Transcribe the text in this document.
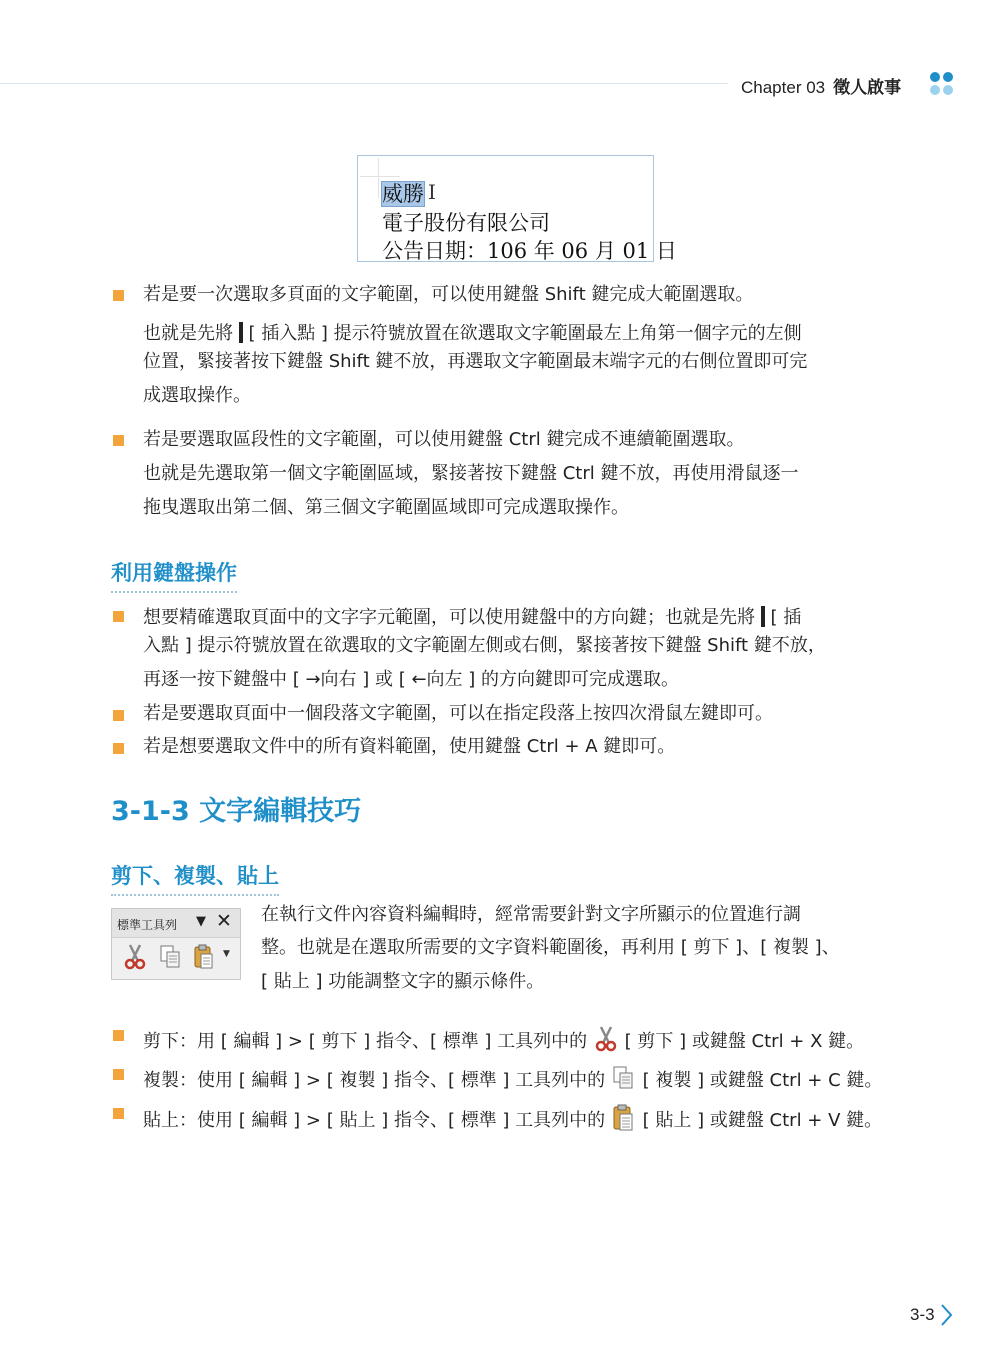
Chapter 03 徵人啟事
威勝 I
電子股份有限公司
公告日期：106 年 06 月 01 日
若是要一次選取多頁面的文字範圍，可以使用鍵盤 Shift 鍵完成大範圍選取。
也就是先將 [ 插入點 ] 提示符號放置在欲選取文字範圍最左上角第一個字元的左側
位置，緊接著按下鍵盤 Shift 鍵不放，再選取文字範圍最末端字元的右側位置即可完
成選取操作。
若是要選取區段性的文字範圍，可以使用鍵盤 Ctrl 鍵完成不連續範圍選取。
也就是先選取第一個文字範圍區域，緊接著按下鍵盤 Ctrl 鍵不放，再使用滑鼠逐一
拖曳選取出第二個、第三個文字範圍區域即可完成選取操作。
利用鍵盤操作
想要精確選取頁面中的文字字元範圍，可以使用鍵盤中的方向鍵；也就是先將 [ 插
入點 ] 提示符號放置在欲選取的文字範圍左側或右側，緊接著按下鍵盤 Shift 鍵不放，
再逐一按下鍵盤中 [ →向右 ] 或 [ ←向左 ] 的方向鍵即可完成選取。
若是要選取頁面中一個段落文字範圍，可以在指定段落上按四次滑鼠左鍵即可。
若是想要選取文件中的所有資料範圍，使用鍵盤 Ctrl + A 鍵即可。
3-1-3 文字編輯技巧
剪下、複製、貼上
標準工具列 ▼ ✕
▼
在執行文件內容資料編輯時，經常需要針對文字所顯示的位置進行調
整。也就是在選取所需要的文字資料範圍後，再利用 [ 剪下 ]、[ 複製 ]、
[ 貼上 ] 功能調整文字的顯示條件。
剪下：用 [ 編輯 ] > [ 剪下 ] 指令、[ 標準 ] 工具列中的 [ 剪下 ] 或鍵盤 Ctrl + X 鍵。
複製：使用 [ 編輯 ] > [ 複製 ] 指令、[ 標準 ] 工具列中的 [ 複製 ] 或鍵盤 Ctrl + C 鍵。
貼上：使用 [ 編輯 ] > [ 貼上 ] 指令、[ 標準 ] 工具列中的 [ 貼上 ] 或鍵盤 Ctrl + V 鍵。
3-3
